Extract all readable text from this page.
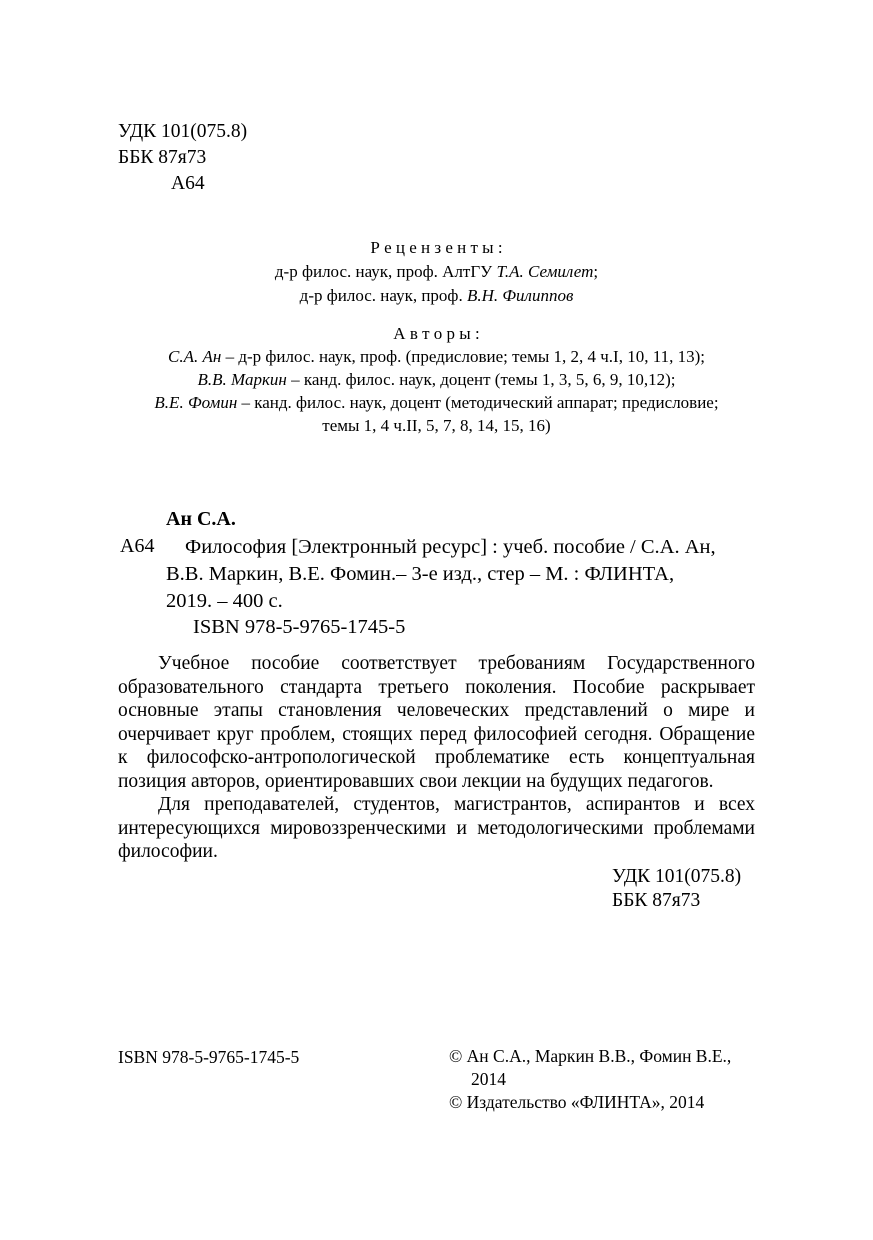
УДК 101(075.8)
ББК 87я73
А64
Р е ц е н з е н т ы :
д-р филос. наук, проф. АлтГУ Т.А. Семилет;
д-р филос. наук, проф. В.Н. Филиппов
А в т о р ы :
С.А. Ан – д-р филос. наук, проф. (предисловие; темы 1, 2, 4 ч.I, 10, 11, 13);
В.В. Маркин – канд. филос. наук, доцент (темы 1, 3, 5, 6, 9, 10,12);
В.Е. Фомин – канд. филос. наук, доцент (методический аппарат; предисловие;
темы 1, 4 ч.II, 5, 7, 8, 14, 15, 16)
Ан С.А.
А64 Философия [Электронный ресурс] : учеб. пособие / С.А. Ан,
В.В. Маркин, В.Е. Фомин.– 3-е изд., стер – М. : ФЛИНТА,
2019. – 400 с.
ISBN 978-5-9765-1745-5

Учебное пособие соответствует требованиям Государственного образовательного стандарта третьего поколения. Пособие раскрывает основные этапы становления человеческих представлений о мире и очерчивает круг проблем, стоящих перед философией сегодня. Обращение к философско-антропологической проблематике есть концептуальная позиция авторов, ориентировавших свои лекции на будущих педагогов.

Для преподавателей, студентов, магистрантов, аспирантов и всех интересующихся мировоззренческими и методологическими проблемами философии.

УДК 101(075.8)
ББК 87я73
ISBN 978-5-9765-1745-5	© Ан С.А., Маркин В.В., Фомин В.Е.,
2014
© Издательство «ФЛИНТА», 2014
